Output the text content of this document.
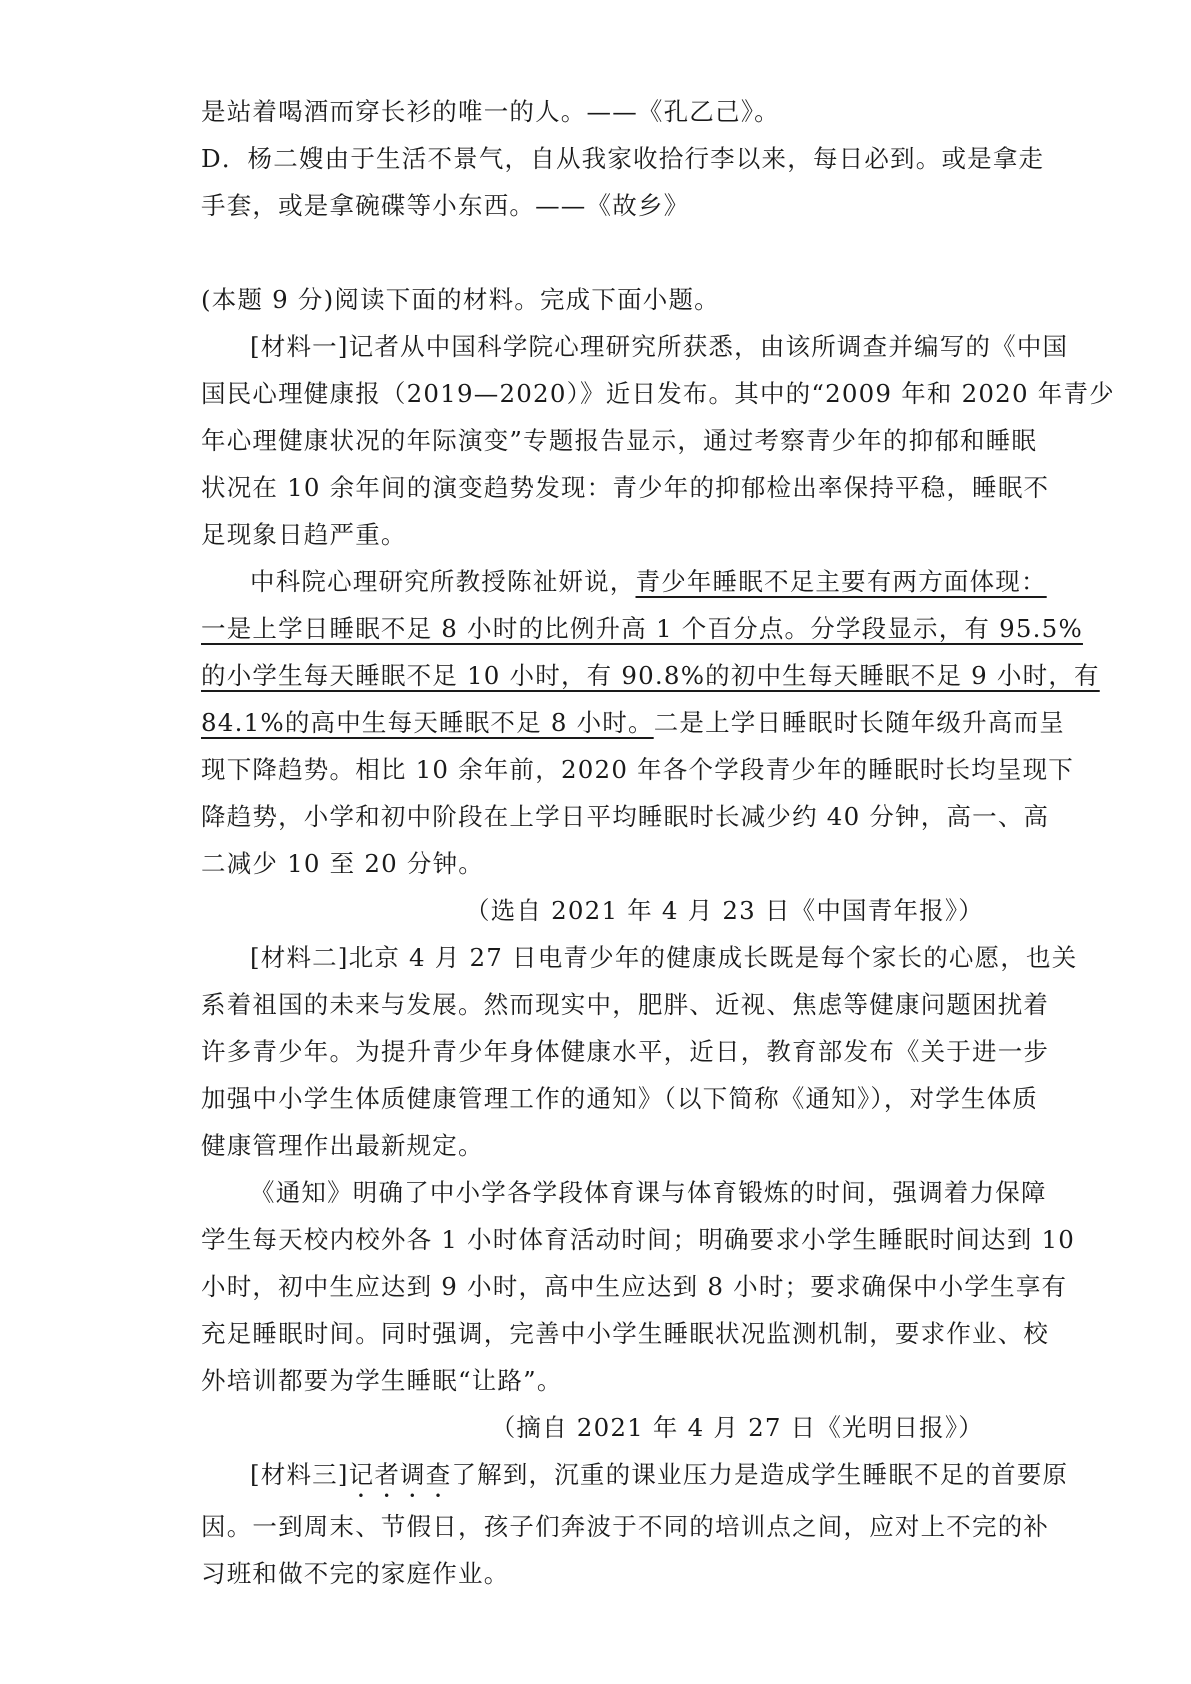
是站着喝酒而穿长衫的唯一的人。——《孔乙己》。
D．杨二嫂由于生活不景气，自从我家收拾行李以来，每日必到。或是拿走
手套，或是拿碗碟等小东西。——《故乡》
(本题 9 分)阅读下面的材料。完成下面小题。
[材料一]记者从中国科学院心理研究所获悉，由该所调查并编写的《中国
国民心理健康报（2019—2020）》近日发布。其中的“2009 年和 2020 年青少
年心理健康状况的年际演变”专题报告显示，通过考察青少年的抑郁和睡眠
状况在 10 余年间的演变趋势发现：青少年的抑郁检出率保持平稳，睡眠不
足现象日趋严重。
中科院心理研究所教授陈祉妍说，青少年睡眠不足主要有两方面体现：
一是上学日睡眠不足 8 小时的比例升高 1 个百分点。分学段显示，有 95.5%
的小学生每天睡眠不足 10 小时，有 90.8%的初中生每天睡眠不足 9 小时，有
84.1%的高中生每天睡眠不足 8 小时。二是上学日睡眠时长随年级升高而呈
现下降趋势。相比 10 余年前，2020 年各个学段青少年的睡眠时长均呈现下
降趋势，小学和初中阶段在上学日平均睡眠时长减少约 40 分钟，高一、高
二减少 10 至 20 分钟。
（选自 2021 年 4 月 23 日《中国青年报》）
[材料二]北京 4 月 27 日电青少年的健康成长既是每个家长的心愿，也关
系着祖国的未来与发展。然而现实中，肥胖、近视、焦虑等健康问题困扰着
许多青少年。为提升青少年身体健康水平，近日，教育部发布《关于进一步
加强中小学生体质健康管理工作的通知》（以下简称《通知》），对学生体质
健康管理作出最新规定。
《通知》明确了中小学各学段体育课与体育锻炼的时间，强调着力保障
学生每天校内校外各 1 小时体育活动时间；明确要求小学生睡眠时间达到 10
小时，初中生应达到 9 小时，高中生应达到 8 小时；要求确保中小学生享有
充足睡眠时间。同时强调，完善中小学生睡眠状况监测机制，要求作业、校
外培训都要为学生睡眠“让路”。
（摘自 2021 年 4 月 27 日《光明日报》）
[材料三]记者调查了解到，沉重的课业压力是造成学生睡眠不足的首要原
因。一到周末、节假日，孩子们奔波于不同的培训点之间，应对上不完的补
习班和做不完的家庭作业。
